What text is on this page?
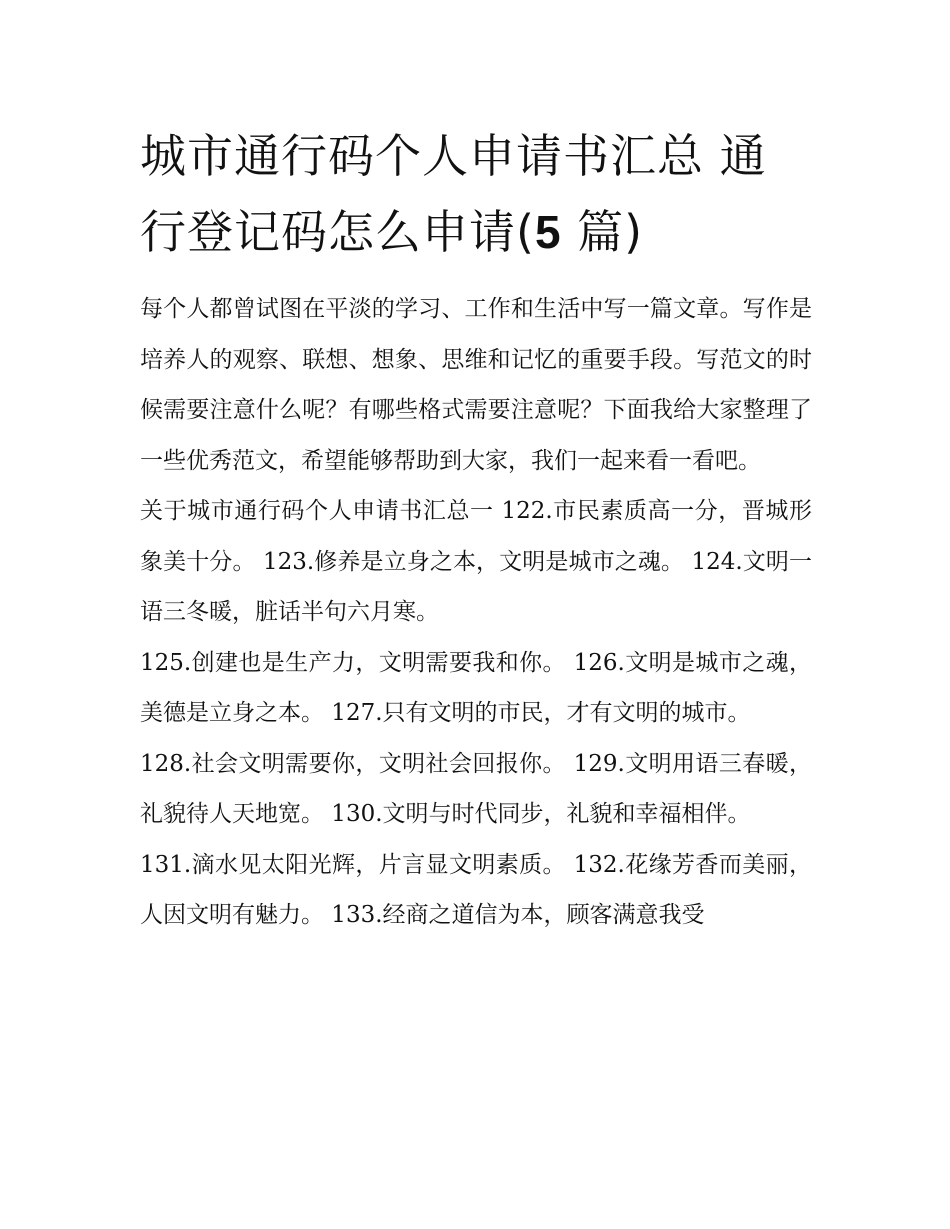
城市通行码个人申请书汇总 通行登记码怎么申请(5 篇)

每个人都曾试图在平淡的学习、工作和生活中写一篇文章。写作是培养人的观察、联想、想象、思维和记忆的重要手段。写范文的时候需要注意什么呢？有哪些格式需要注意呢？下面我给大家整理了一些优秀范文，希望能够帮助到大家，我们一起来看一看吧。

关于城市通行码个人申请书汇总一 122.市民素质高一分，晋城形象美十分。 123.修养是立身之本，文明是城市之魂。 124.文明一语三冬暖，脏话半句六月寒。

125.创建也是生产力，文明需要我和你。 126.文明是城市之魂，美德是立身之本。 127.只有文明的市民，才有文明的城市。

128.社会文明需要你，文明社会回报你。 129.文明用语三春暖，礼貌待人天地宽。 130.文明与时代同步，礼貌和幸福相伴。

131.滴水见太阳光辉，片言显文明素质。 132.花缘芳香而美丽，人因文明有魅力。 133.经商之道信为本，顾客满意我受
